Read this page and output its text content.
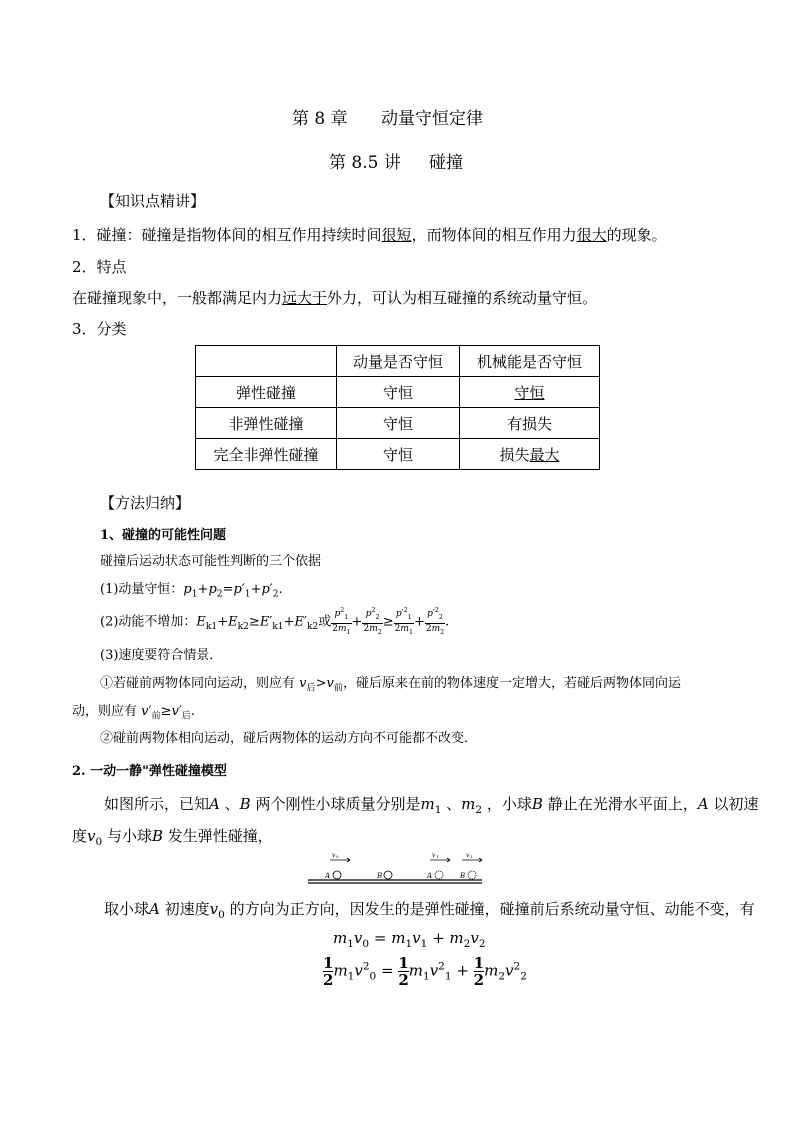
第 8 章 动量守恒定律
第 8.5 讲 碰撞
【知识点精讲】
1．碰撞：碰撞是指物体间的相互作用持续时间很短，而物体间的相互作用力很大的现象。
2．特点
在碰撞现象中，一般都满足内力远大于外力，可认为相互碰撞的系统动量守恒。
3．分类
	动量是否守恒	机械能是否守恒
弹性碰撞	守恒	守恒
非弹性碰撞	守恒	有损失
完全非弹性碰撞	守恒	损失最大
【方法归纳】
1、碰撞的可能性问题
碰撞后运动状态可能性判断的三个依据
(1)动量守恒：$p_1+p_2=p'_1+p'_2$.
(2)动能不增加：$E_{k1}+E_{k2}\ge E'_{k1}+E'_{k2}$或 $\frac{p^2_1}{2m_1} + \frac{p^2_2}{2m_2} \ge \frac{p'^2_1}{2m_1} + \frac{p'^2_2}{2m_2}$ .
(3)速度要符合情景．
①若碰前两物体同向运动，则应有 $v_后>v_前$，碰后原来在前的物体速度一定增大，若碰后两物体同向运
动，则应有 $v'_前\ge v'_后$.
②碰前两物体相向运动，碰后两物体的运动方向不可能都不改变．
2. 一动一静"弹性碰撞模型
如图所示，已知A 、B 两个刚性小球质量分别是$m_1$ 、$m_2$ ，小球B 静止在光滑水平面上，A 以初速
度$v_0$ 与小球B 发生弹性碰撞，
v 0
A	B
v 1	v 2
A	B
取小球A 初速度$v_0$ 的方向为正方向，因发生的是弹性碰撞，碰撞前后系统动量守恒、动能不变，有
$m_1v_0 = m_1v_1 + m_2v_2$
$\frac{1}{2}m_1v^2_0 = \frac{1}{2}m_1v^2_1 + \frac{1}{2}m_2v^2_2$
